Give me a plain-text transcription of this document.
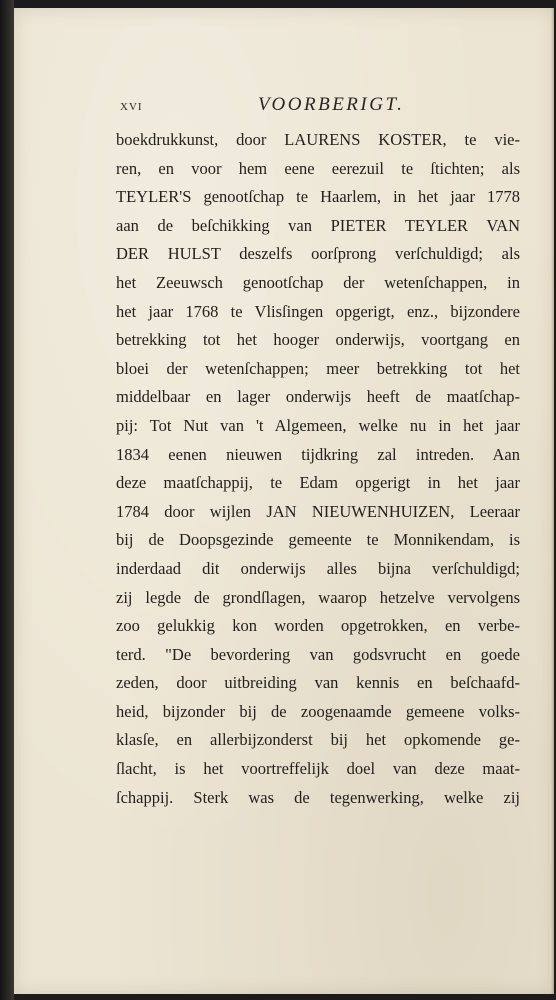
xvi	VOORBERIGT.
boekdrukkunst, door LAURENS KOSTER, te vie-
ren, en voor hem eene eerezuil te ſtichten; als
TEYLER'S genootſchap te Haarlem, in het jaar 1778
aan de beſchikking van PIETER TEYLER VAN
DER HULST deszelfs oorſprong verſchuldigd; als
het Zeeuwsch genootſchap der wetenſchappen, in
het jaar 1768 te Vlisſingen opgerigt, enz., bijzondere
betrekking tot het hooger onderwijs, voortgang en
bloei der wetenſchappen; meer betrekking tot het
middelbaar en lager onderwijs heeft de maatſchap-
pij: Tot Nut van 't Algemeen, welke nu in het jaar
1834 eenen nieuwen tijdkring zal intreden. Aan
deze maatſchappij, te Edam opgerigt in het jaar
1784 door wijlen JAN NIEUWENHUIZEN, Leeraar
bij de Doopsgezinde gemeente te Monnikendam, is
inderdaad dit onderwijs alles bijna verſchuldigd;
zij legde de grondſlagen, waarop hetzelve vervolgens
zoo gelukkig kon worden opgetrokken, en verbe-
terd. "De bevordering van godsvrucht en goede
zeden, door uitbreiding van kennis en beſchaafd-
heid, bijzonder bij de zoogenaamde gemeene volks-
klasſe, en allerbijzonderst bij het opkomende ge-
ſlacht, is het voortreffelijk doel van deze maat-
ſchappij. Sterk was de tegenwerking, welke zij
